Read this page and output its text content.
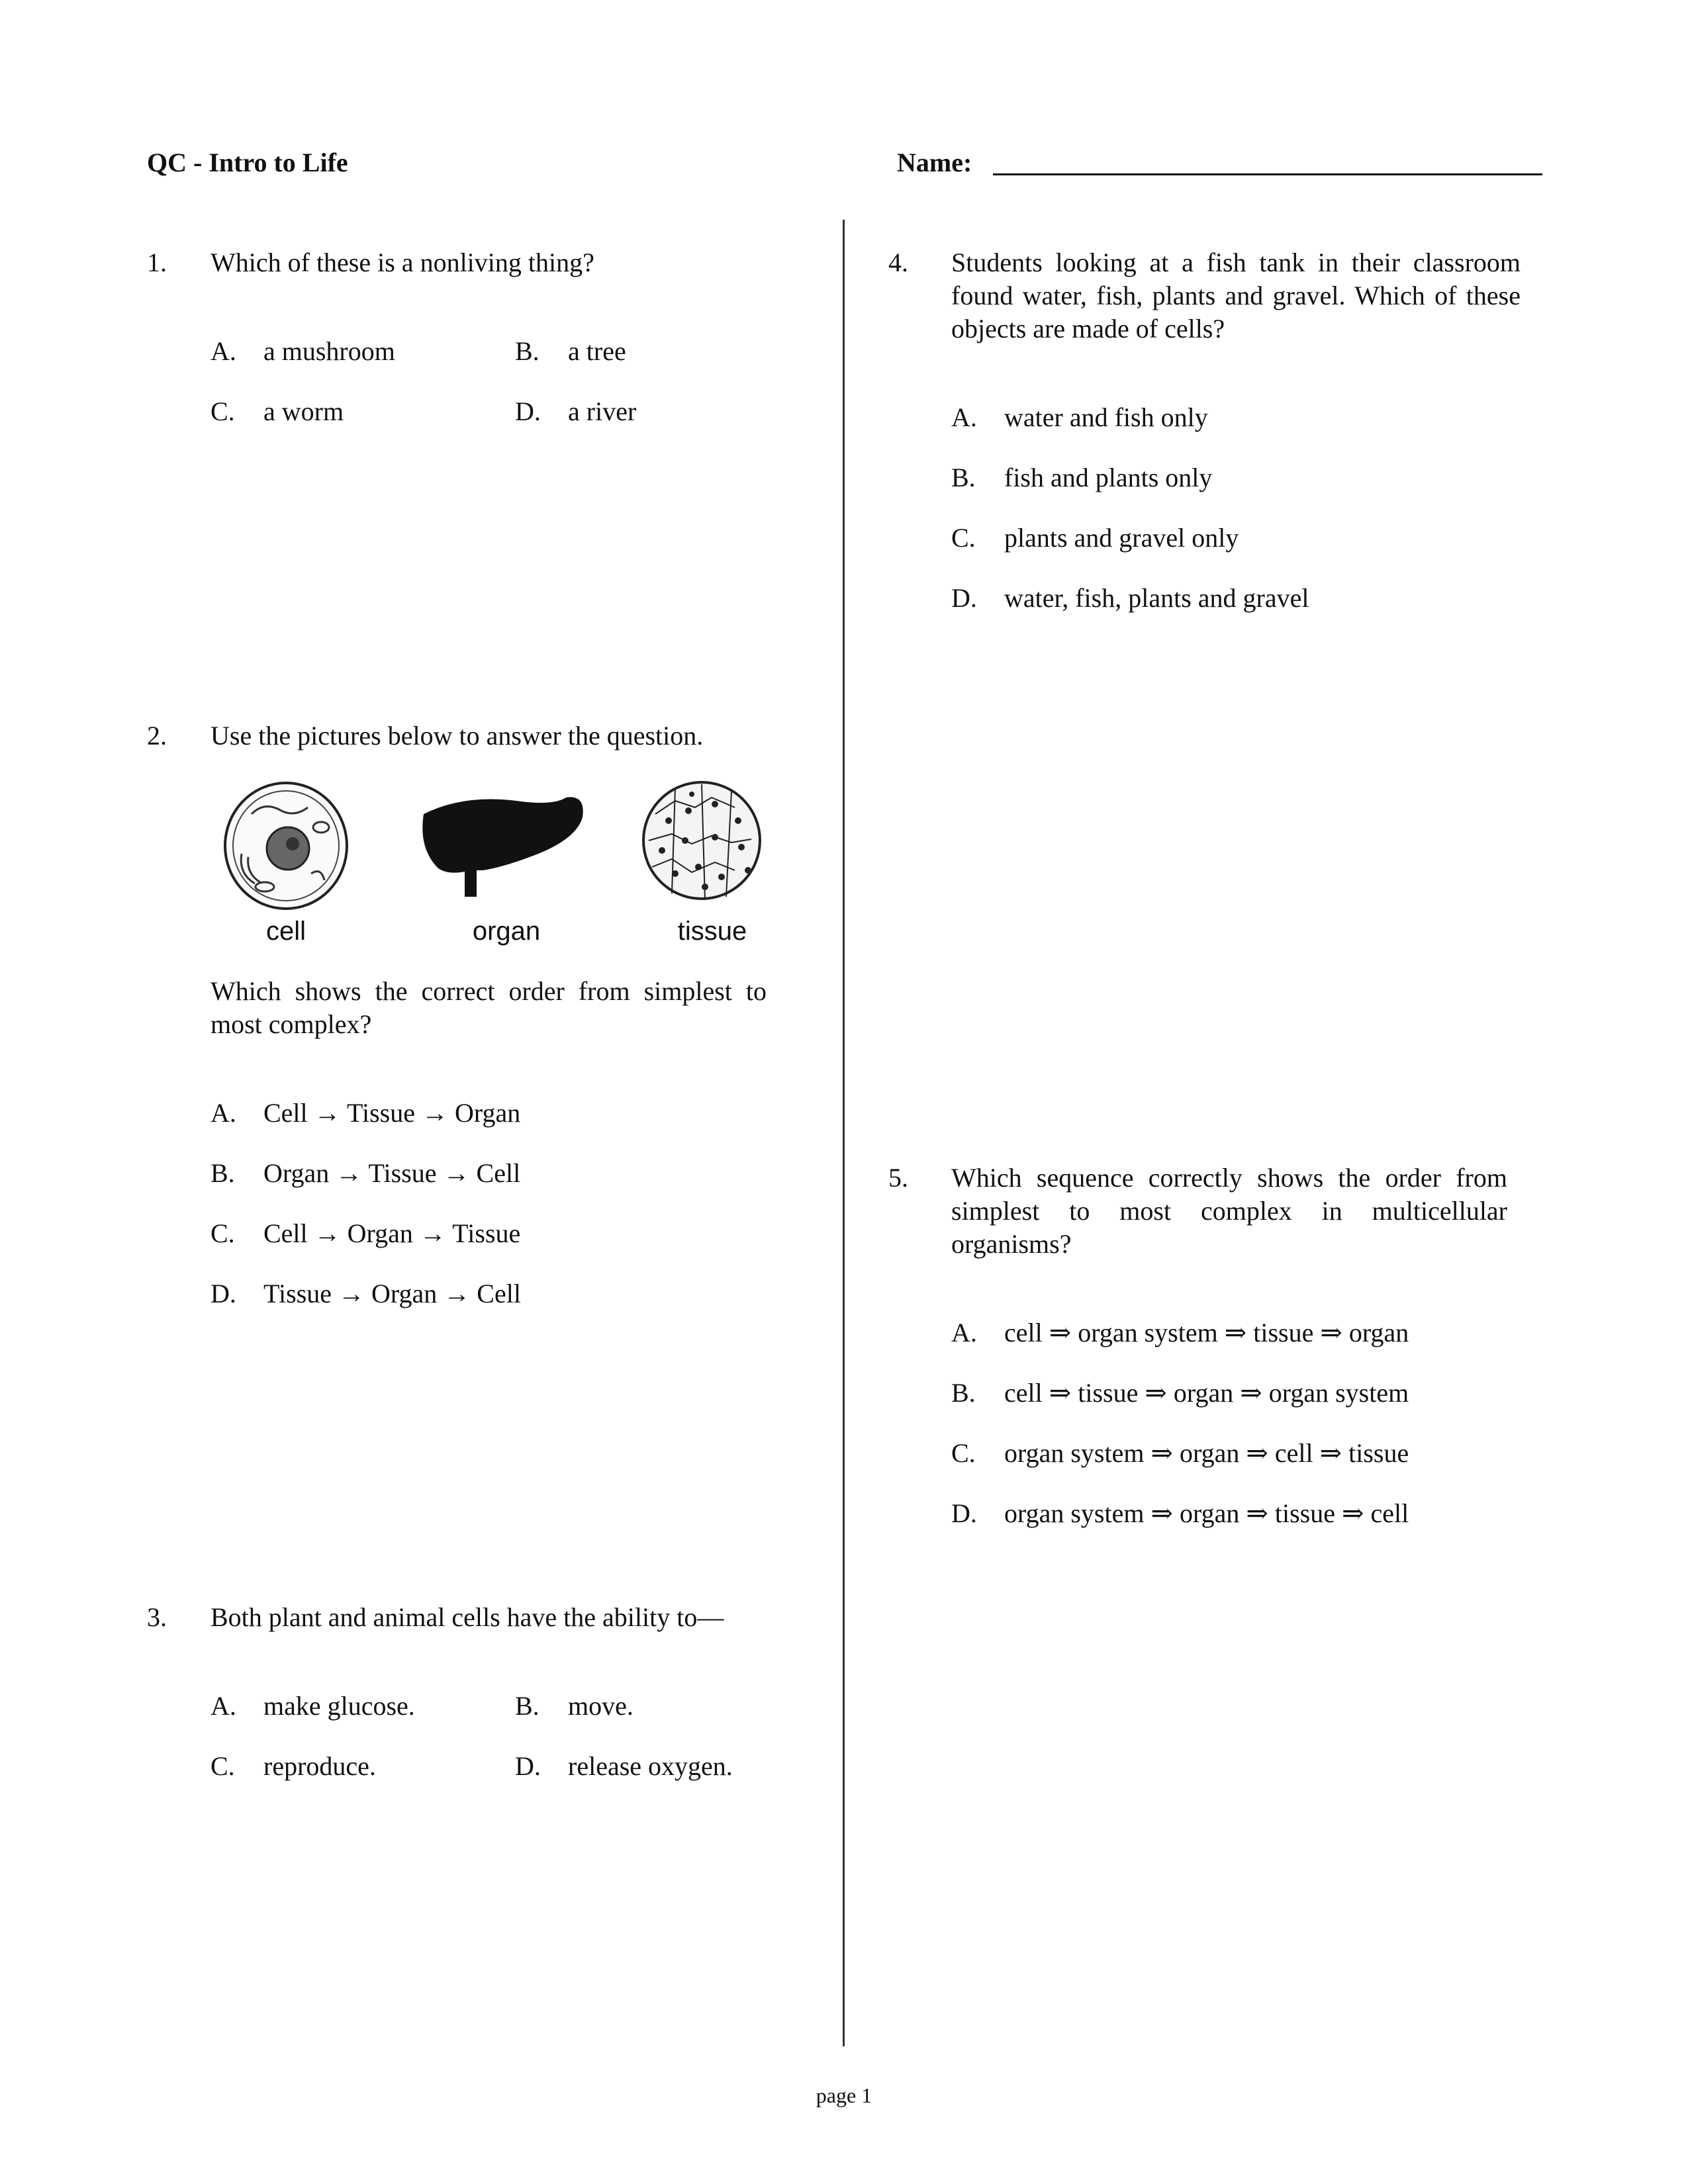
QC - Intro to Life	Name:
1. Which of these is a nonliving thing?
A. a mushroom	B. a tree
C. a worm	D. a river
2. Use the pictures below to answer the question.
cell	organ	tissue
Which shows the correct order from simplest to most complex?
A. Cell → Tissue → Organ
B. Organ → Tissue → Cell
C. Cell → Organ → Tissue
D. Tissue → Organ → Cell
3. Both plant and animal cells have the ability to—
A. make glucose.	B. move.
C. reproduce.	D. release oxygen.
4. Students looking at a fish tank in their classroom found water, fish, plants and gravel. Which of these objects are made of cells?
A. water and fish only
B. fish and plants only
C. plants and gravel only
D. water, fish, plants and gravel
5. Which sequence correctly shows the order from simplest to most complex in multicellular organisms?
A. cell ⇒ organ system ⇒ tissue ⇒ organ
B. cell ⇒ tissue ⇒ organ ⇒ organ system
C. organ system ⇒ organ ⇒ cell ⇒ tissue
D. organ system ⇒ organ ⇒ tissue ⇒ cell
page 1
